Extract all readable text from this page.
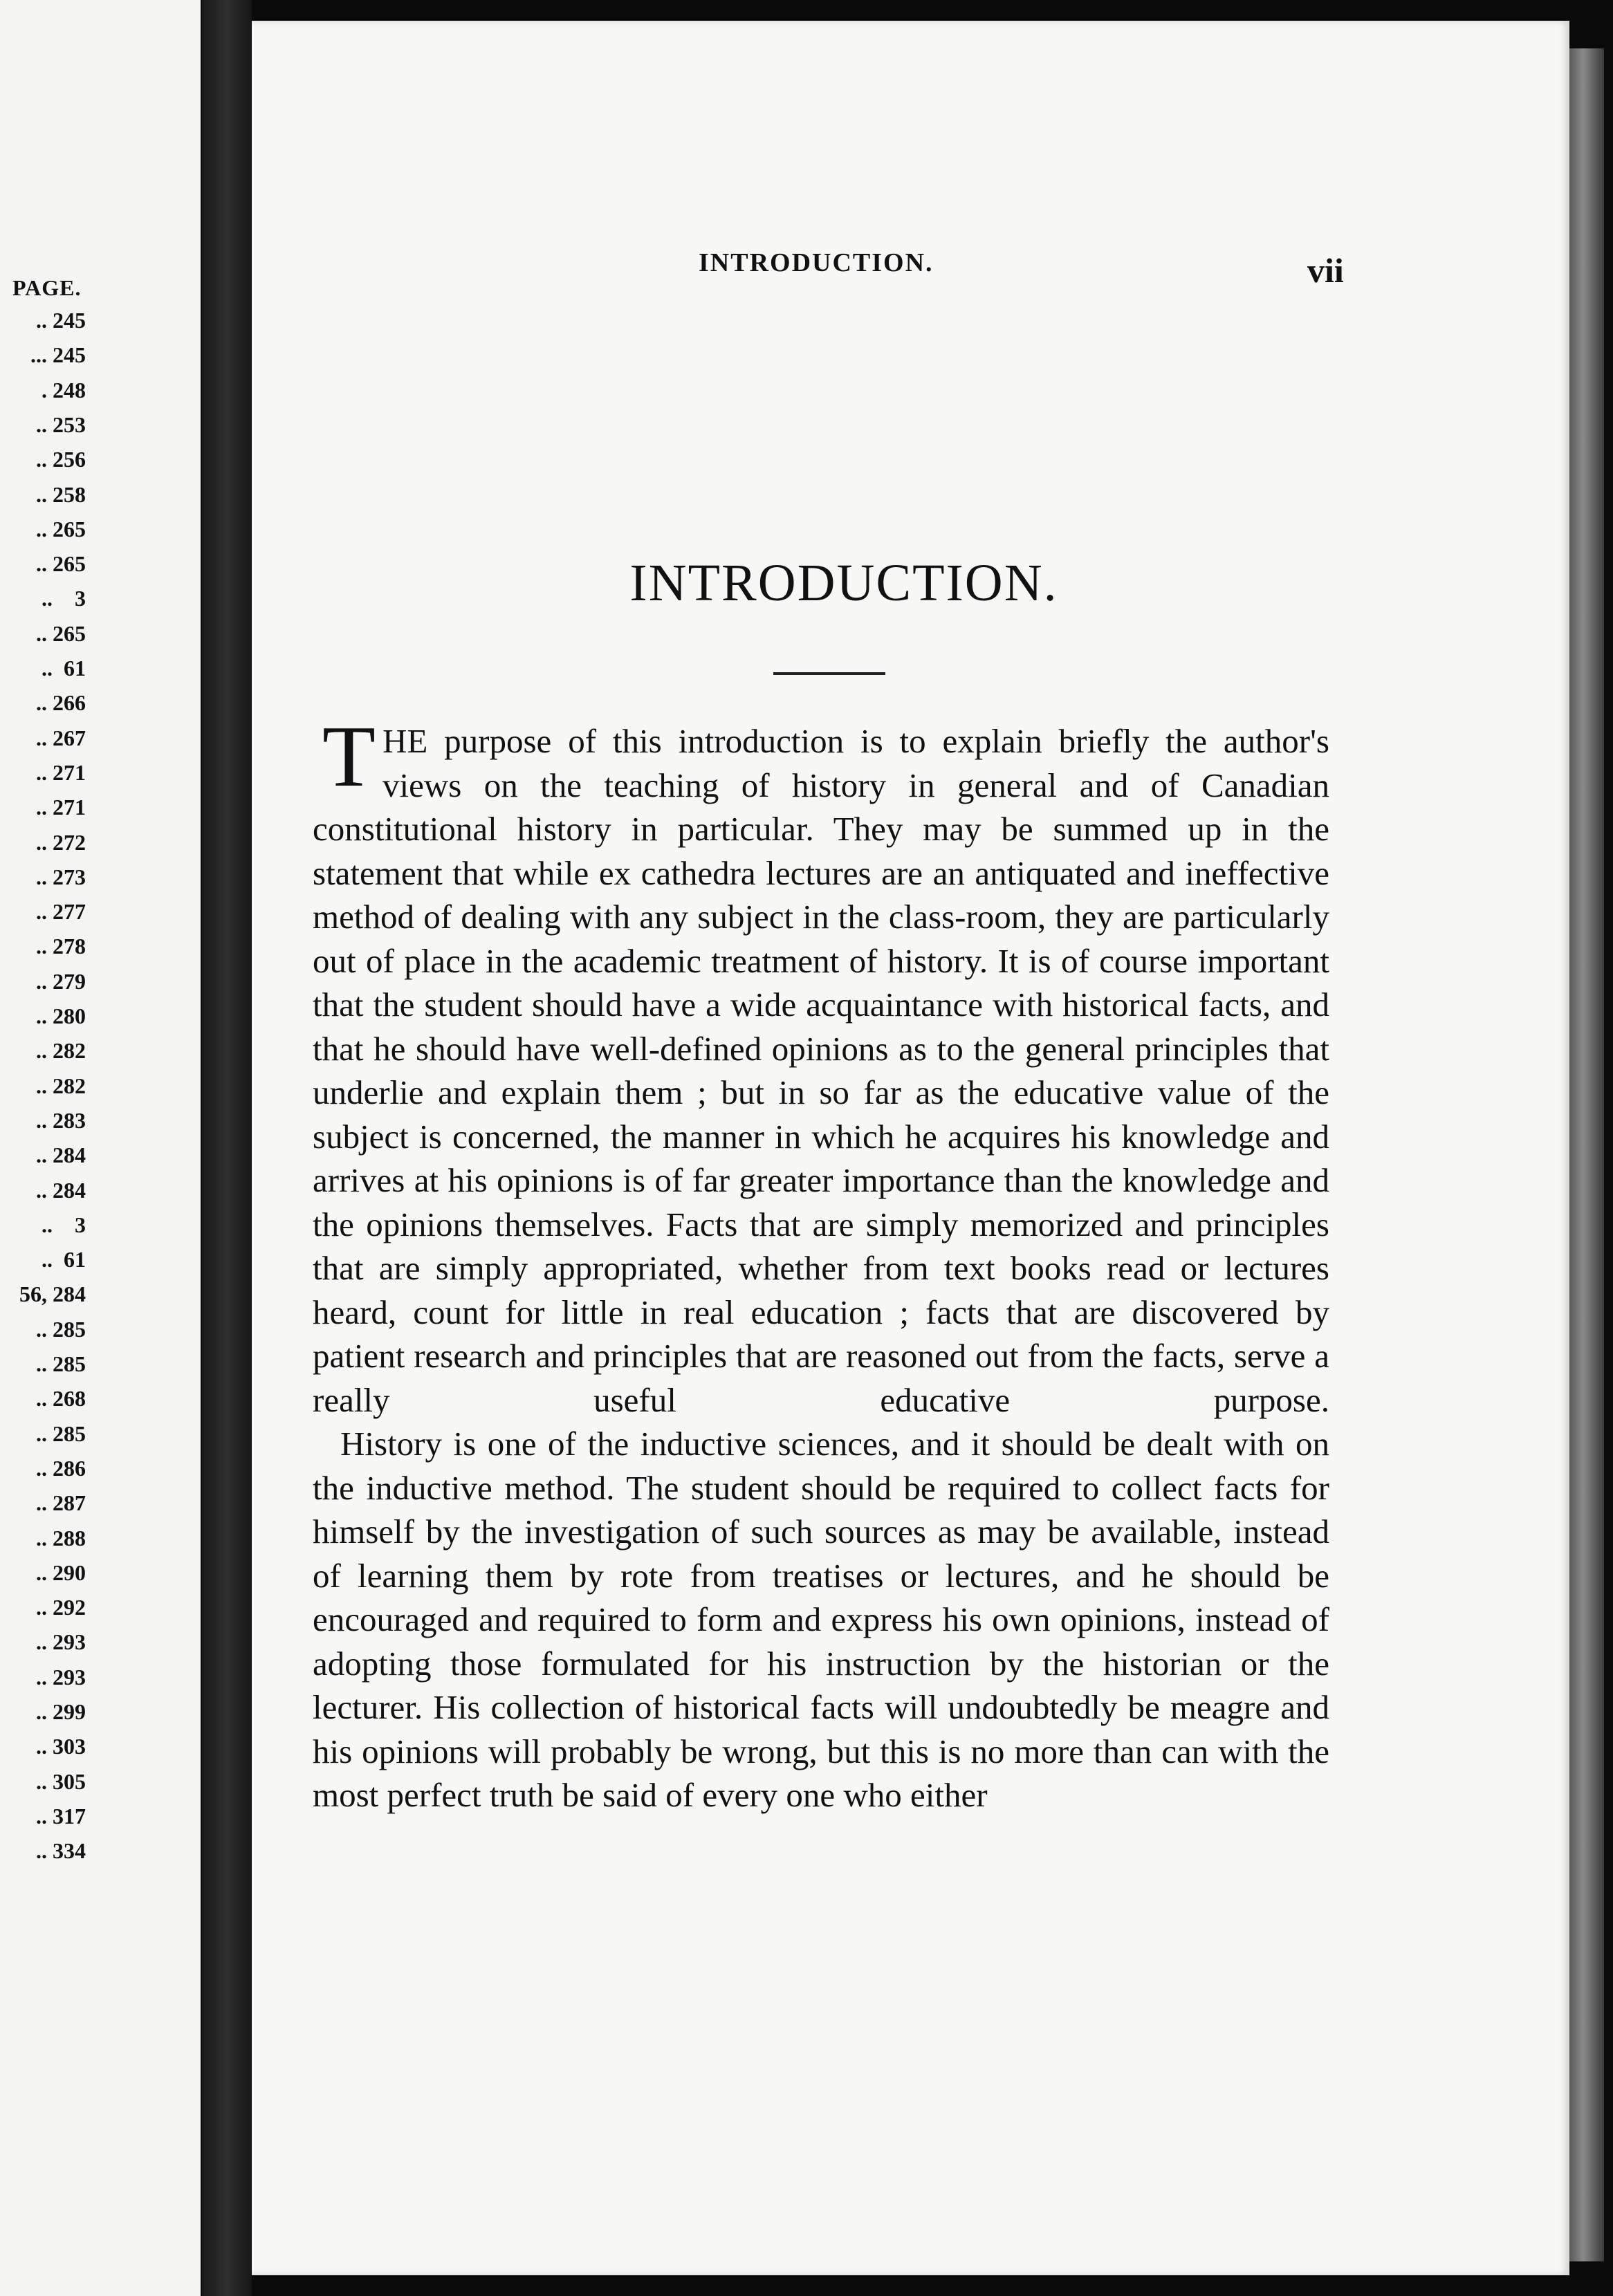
PAGE.
.. 245
... 245
. 248
.. 253
.. 256
.. 258
.. 265
.. 265
..    3
.. 265
..  61
.. 266
.. 267
.. 271
.. 271
.. 272
.. 273
.. 277
.. 278
.. 279
.. 280
.. 282
.. 282
.. 283
.. 284
.. 284
..    3
..  61
56, 284
.. 285
.. 285
.. 268
.. 285
.. 286
.. 287
.. 288
.. 290
.. 292
.. 293
.. 293
.. 299
.. 303
.. 305
.. 317
.. 334
INTRODUCTION.	vii
INTRODUCTION.

THE purpose of this introduction is to explain briefly the author's views on the teaching of history in general and of Canadian constitutional history in particular. They may be summed up in the statement that while ex cathedra lectures are an antiquated and ineffective method of dealing with any subject in the class-room, they are particularly out of place in the academic treatment of history. It is of course important that the student should have a wide acquaintance with historical facts, and that he should have well-defined opinions as to the general principles that underlie and explain them ; but in so far as the educative value of the subject is concerned, the manner in which he acquires his knowledge and arrives at his opinions is of far greater importance than the knowledge and the opinions themselves. Facts that are simply memorized and principles that are simply appropriated, whether from text books read or lectures heard, count for little in real education ; facts that are discovered by patient research and principles that are reasoned out from the facts, serve a really useful educative purpose.

History is one of the inductive sciences, and it should be dealt with on the inductive method. The student should be required to collect facts for himself by the investigation of such sources as may be available, instead of learning them by rote from treatises or lectures, and he should be encouraged and required to form and express his own opinions, instead of adopting those formulated for his instruction by the historian or the lecturer. His collection of historical facts will undoubtedly be meagre and his opinions will probably be wrong, but this is no more than can with the most perfect truth be said of every one who either
